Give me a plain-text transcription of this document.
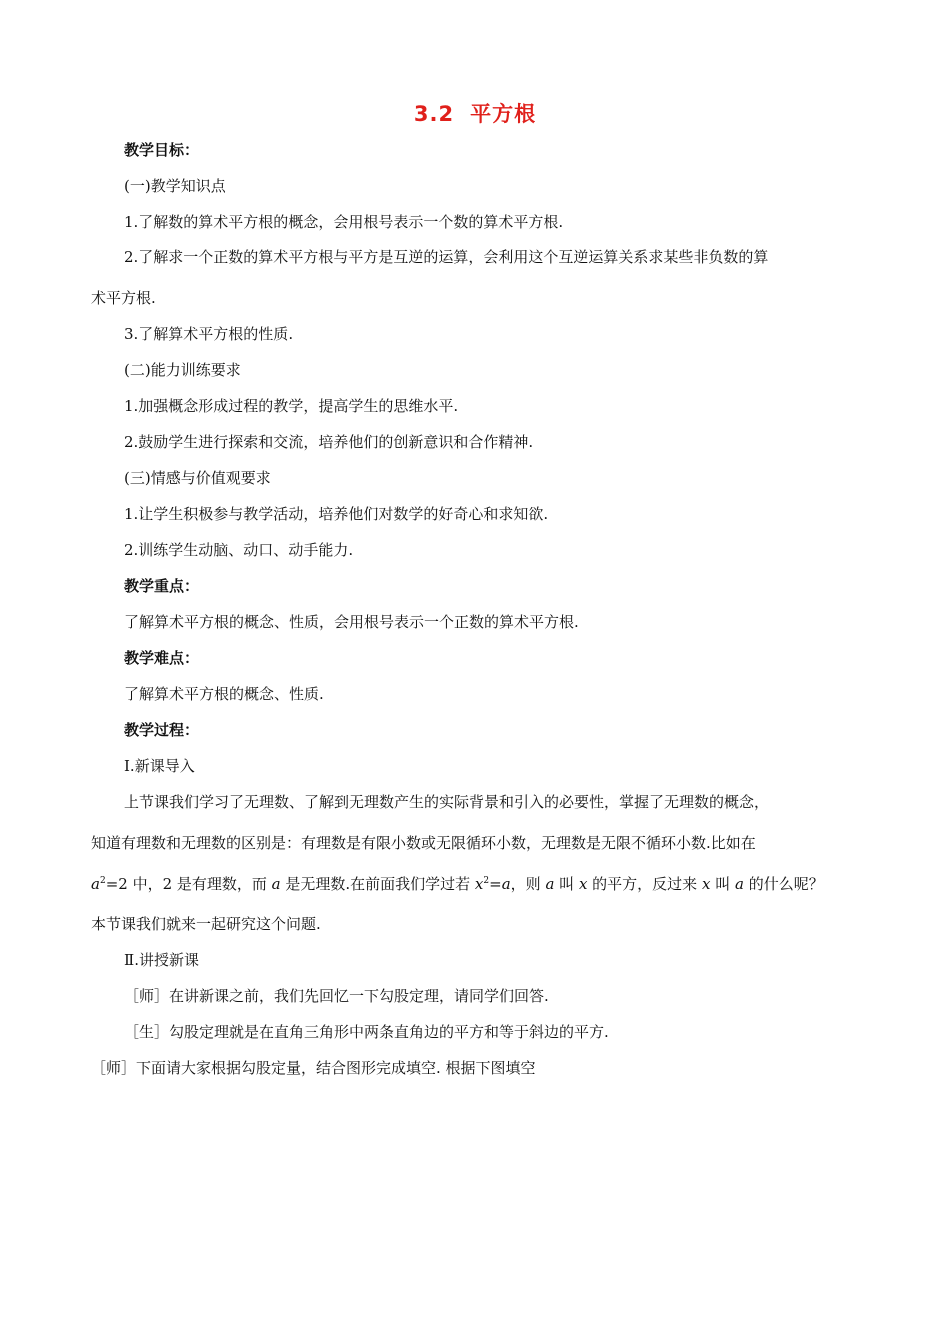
3.2 平方根
教学目标：
(一)教学知识点
1.了解数的算术平方根的概念，会用根号表示一个数的算术平方根.
2.了解求一个正数的算术平方根与平方是互逆的运算，会利用这个互逆运算关系求某些非负数的算
术平方根.
3.了解算术平方根的性质.
(二)能力训练要求
1.加强概念形成过程的教学，提高学生的思维水平.
2.鼓励学生进行探索和交流，培养他们的创新意识和合作精神.
(三)情感与价值观要求
1.让学生积极参与教学活动，培养他们对数学的好奇心和求知欲.
2.训练学生动脑、动口、动手能力.
教学重点：
了解算术平方根的概念、性质，会用根号表示一个正数的算术平方根.
教学难点：
了解算术平方根的概念、性质.
教学过程：
Ⅰ.新课导入
上节课我们学习了无理数、了解到无理数产生的实际背景和引入的必要性，掌握了无理数的概念，
知道有理数和无理数的区别是：有理数是有限小数或无限循环小数，无理数是无限不循环小数.比如在
$a^2=2$ 中，2 是有理数，而 a 是无理数.在前面我们学过若 $x^2=a$，则 a 叫 x 的平方，反过来 x 叫 a 的什么呢？
本节课我们就来一起研究这个问题.
Ⅱ.讲授新课
［师］在讲新课之前，我们先回忆一下勾股定理，请同学们回答.
［生］勾股定理就是在直角三角形中两条直角边的平方和等于斜边的平方.
［师］下面请大家根据勾股定量，结合图形完成填空. 根据下图填空
